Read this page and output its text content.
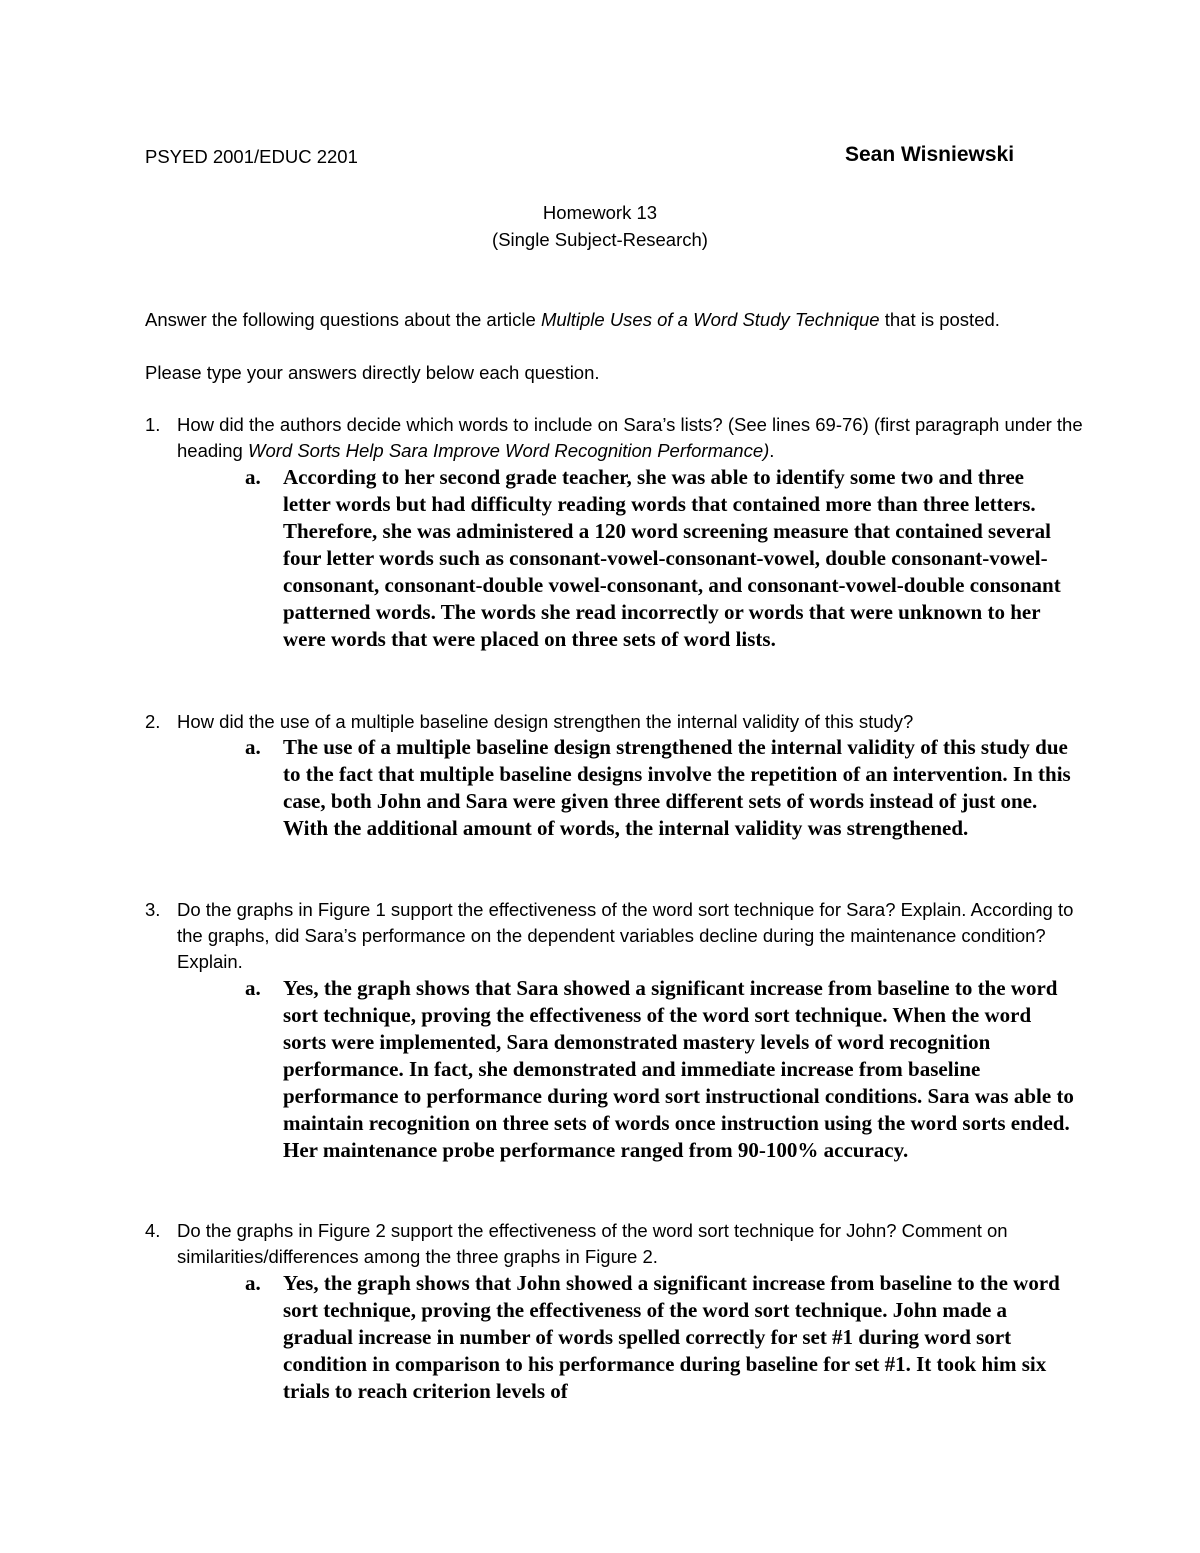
PSYED 2001/EDUC 2201	Sean Wisniewski
Homework 13
(Single Subject-Research)
Answer the following questions about the article Multiple Uses of a Word Study Technique that is posted.
Please type your answers directly below each question.
1. How did the authors decide which words to include on Sara’s lists? (See lines 69-76) (first paragraph under the heading Word Sorts Help Sara Improve Word Recognition Performance).
a. According to her second grade teacher, she was able to identify some two and three letter words but had difficulty reading words that contained more than three letters. Therefore, she was administered a 120 word screening measure that contained several four letter words such as consonant-vowel-consonant-vowel, double consonant-vowel-consonant, consonant-double vowel-consonant, and consonant-vowel-double consonant patterned words. The words she read incorrectly or words that were unknown to her were words that were placed on three sets of word lists.
2. How did the use of a multiple baseline design strengthen the internal validity of this study?
a. The use of a multiple baseline design strengthened the internal validity of this study due to the fact that multiple baseline designs involve the repetition of an intervention. In this case, both John and Sara were given three different sets of words instead of just one. With the additional amount of words, the internal validity was strengthened.
3. Do the graphs in Figure 1 support the effectiveness of the word sort technique for Sara? Explain. According to the graphs, did Sara’s performance on the dependent variables decline during the maintenance condition? Explain.
a. Yes, the graph shows that Sara showed a significant increase from baseline to the word sort technique, proving the effectiveness of the word sort technique. When the word sorts were implemented, Sara demonstrated mastery levels of word recognition performance. In fact, she demonstrated and immediate increase from baseline performance to performance during word sort instructional conditions. Sara was able to maintain recognition on three sets of words once instruction using the word sorts ended. Her maintenance probe performance ranged from 90-100% accuracy.
4. Do the graphs in Figure 2 support the effectiveness of the word sort technique for John? Comment on similarities/differences among the three graphs in Figure 2.
a. Yes, the graph shows that John showed a significant increase from baseline to the word sort technique, proving the effectiveness of the word sort technique. John made a gradual increase in number of words spelled correctly for set #1 during word sort condition in comparison to his performance during baseline for set #1. It took him six trials to reach criterion levels of
